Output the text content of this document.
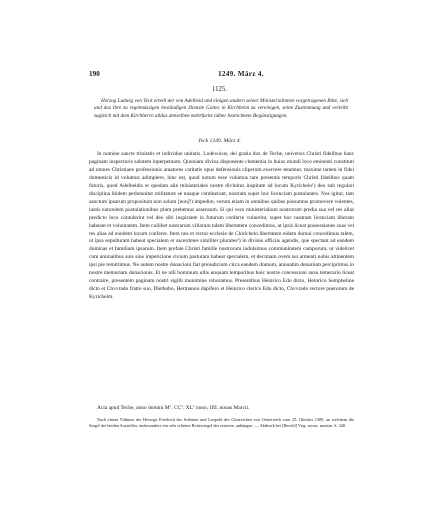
190	1249. März 4.
1125.
Herzog Ludwig von Teck erteilt der von Adelheid und einigen andern seiner Ministerialinnen vorgetragenen Bitte, sich und das Ihre zu regelmässigen beständigen Dienste Gottes in Kirchheim zu vereinigen, seine Zustimmung und verleiht zugleich mit dem Kirchherrn alldas denselben mehrfache näher bezeichnete Begünstigungen.
Teck 1249. März 4.

In nomine sancte trinitatis et individue unitatis. Lodewicus, dei gratia dux de Teche, universis Christi fidelibus hanc paginam inspecturis salutem inperpetuum. Quoniam divina disponente clementia in huius mundi loco eminenti constituti ad omnes Christiane professionis amatores caritatis opus defensionis cliperum exercere tenemur, maxime tamen in fidei domesticis id volumus adimplere, hinc est, quod notum esse volumus tam presentis temporis Christi fidelibus quam futuris, quod Adelheidis et quedam alie ministeriales nostre divinitus inspirate ad locum Kyrichein¹) deo sub regulari disciplina ibidem perhenniter militature se nuaque continerunt, nostram super hoc licenciam postulantes. Nos igitur, tam sanctum ipsarum propositum non solum [non]²) impedire, verum etiam in omnibus quibus possumus promovere volentes, iustis earundem postulationibus plum prebemus assensum. Si qui vero ministerialium nostrorum predia sua vel res alias predicto loco contulerint vel deo sibi inspirante in futurum conferre voluerint, super hoc nostram licenciam liberam habeant et voluntatem. Item cuilibet nostrarum villarum talem libertatem concedimus, ut ipsis liceat possessiones suas vel res alias ad eundem locum conferre. Item nos et rector ecclesie de Chirichein libertatem eidem domui concedimus talem, ut ipsa sepulturam habeat specialem et sacerdotes similiter plurales³) in divinis officiis agendis, que spectant ad eandem dominas et familiam ipsarum. Item prefate Christi famille nostrorum indulsimus communitatem camporum, ut videlicet cum animalibus suis sine impeticione civium pasturam habeat specialem, et decimam ovem sui armenti nobis attinentem ipsi pie remittimus. Ne autem nostre donacioni fiat preiudicium circa eandem domum, annuatim denarium perciprimus in nostre memoriam donacionis. Et ne ulli hominum ullis unquam temporibus huic nostre concessioni ausu temerario liceat contraire, presentem paginam nostri sigilli munimine roboramus. Presentibus Heinrico Edo dicto, Heinrico Sempheline dicto et Chvvrado fratre suo, Diethobo, Hermanno dapifero et Heinrico clerico Edo dicto, Chvvrado rectore puerorum de Kyricheim.

Acta apud Teche, anno domini Mº. CCº. XLº nono, IIII. nonas Marcii.

Nach einem Vidimus der Herzoge Friedrich des Schönen und Leopold des Glorreichen von Oesterreich vom 25. Oktober 1309, an welchem die Siegel der beiden Aussteller, insbesondere ein sehr schönes Reitersiegel des ersteren, anhängen. — Abdruck bei [Besold] Virg. sacrar. monim. S. 340.
